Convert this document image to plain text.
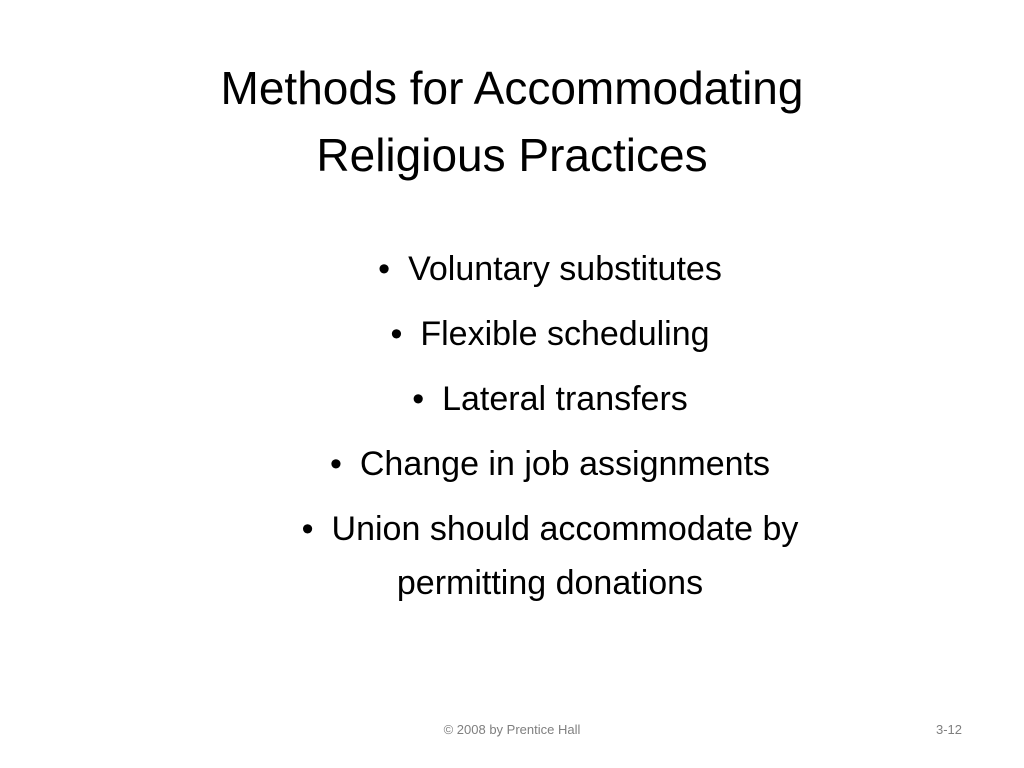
Methods for Accommodating
Religious Practices
• Voluntary substitutes
• Flexible scheduling
• Lateral transfers
• Change in job assignments
• Union should accommodate by
permitting donations
© 2008 by Prentice Hall	3-12
